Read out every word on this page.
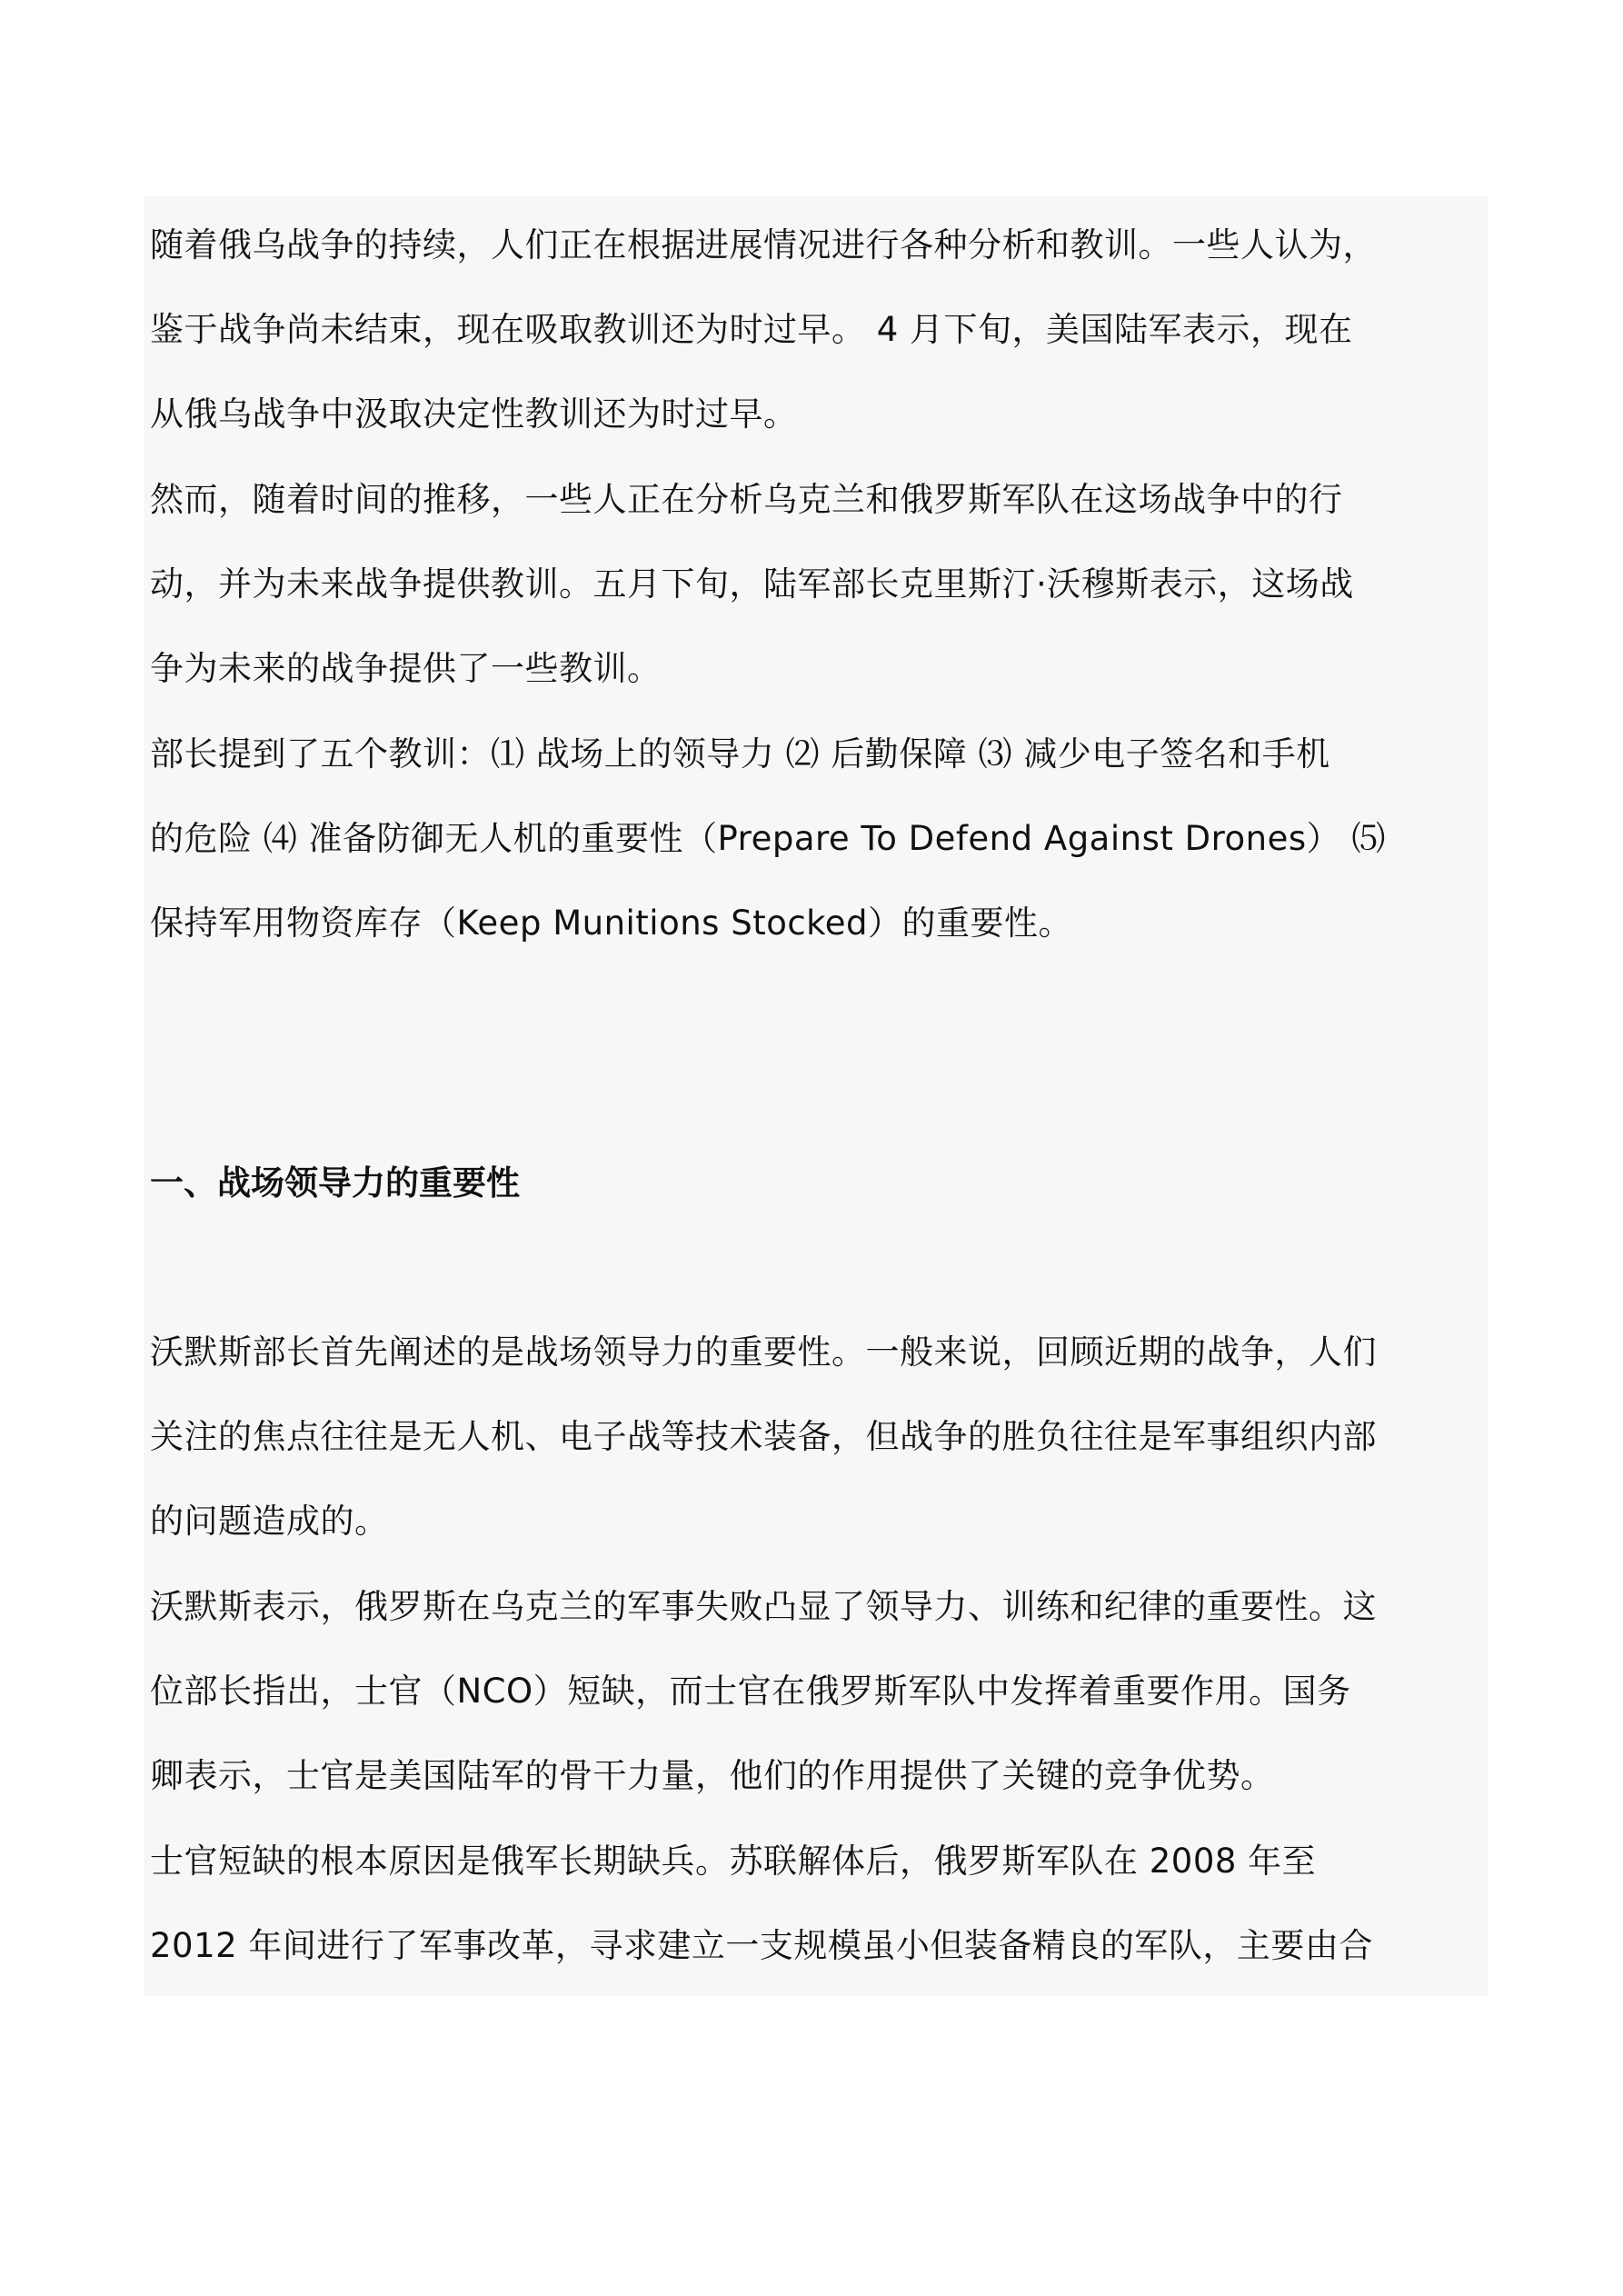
随着俄乌战争的持续，人们正在根据进展情况进行各种分析和教训。一些人认为，
鉴于战争尚未结束，现在吸取教训还为时过早。 4 月下旬，美国陆军表示，现在
从俄乌战争中汲取决定性教训还为时过早。
然而，随着时间的推移，一些人正在分析乌克兰和俄罗斯军队在这场战争中的行
动，并为未来战争提供教训。五月下旬，陆军部长克里斯汀·沃穆斯表示，这场战
争为未来的战争提供了一些教训。
部长提到了五个教训：⑴ 战场上的领导力 ⑵ 后勤保障 ⑶ 减少电子签名和手机
的危险 ⑷ 准备防御无人机的重要性（Prepare To Defend Against Drones） ⑸
保持军用物资库存（Keep Munitions Stocked）的重要性。
一、战场领导力的重要性
沃默斯部长首先阐述的是战场领导力的重要性。一般来说，回顾近期的战争，人们
关注的焦点往往是无人机、电子战等技术装备，但战争的胜负往往是军事组织内部
的问题造成的。
沃默斯表示，俄罗斯在乌克兰的军事失败凸显了领导力、训练和纪律的重要性。这
位部长指出，士官（NCO）短缺，而士官在俄罗斯军队中发挥着重要作用。国务
卿表示，士官是美国陆军的骨干力量，他们的作用提供了关键的竞争优势。
士官短缺的根本原因是俄军长期缺兵。苏联解体后，俄罗斯军队在 2008 年至
2012 年间进行了军事改革，寻求建立一支规模虽小但装备精良的军队，主要由合
